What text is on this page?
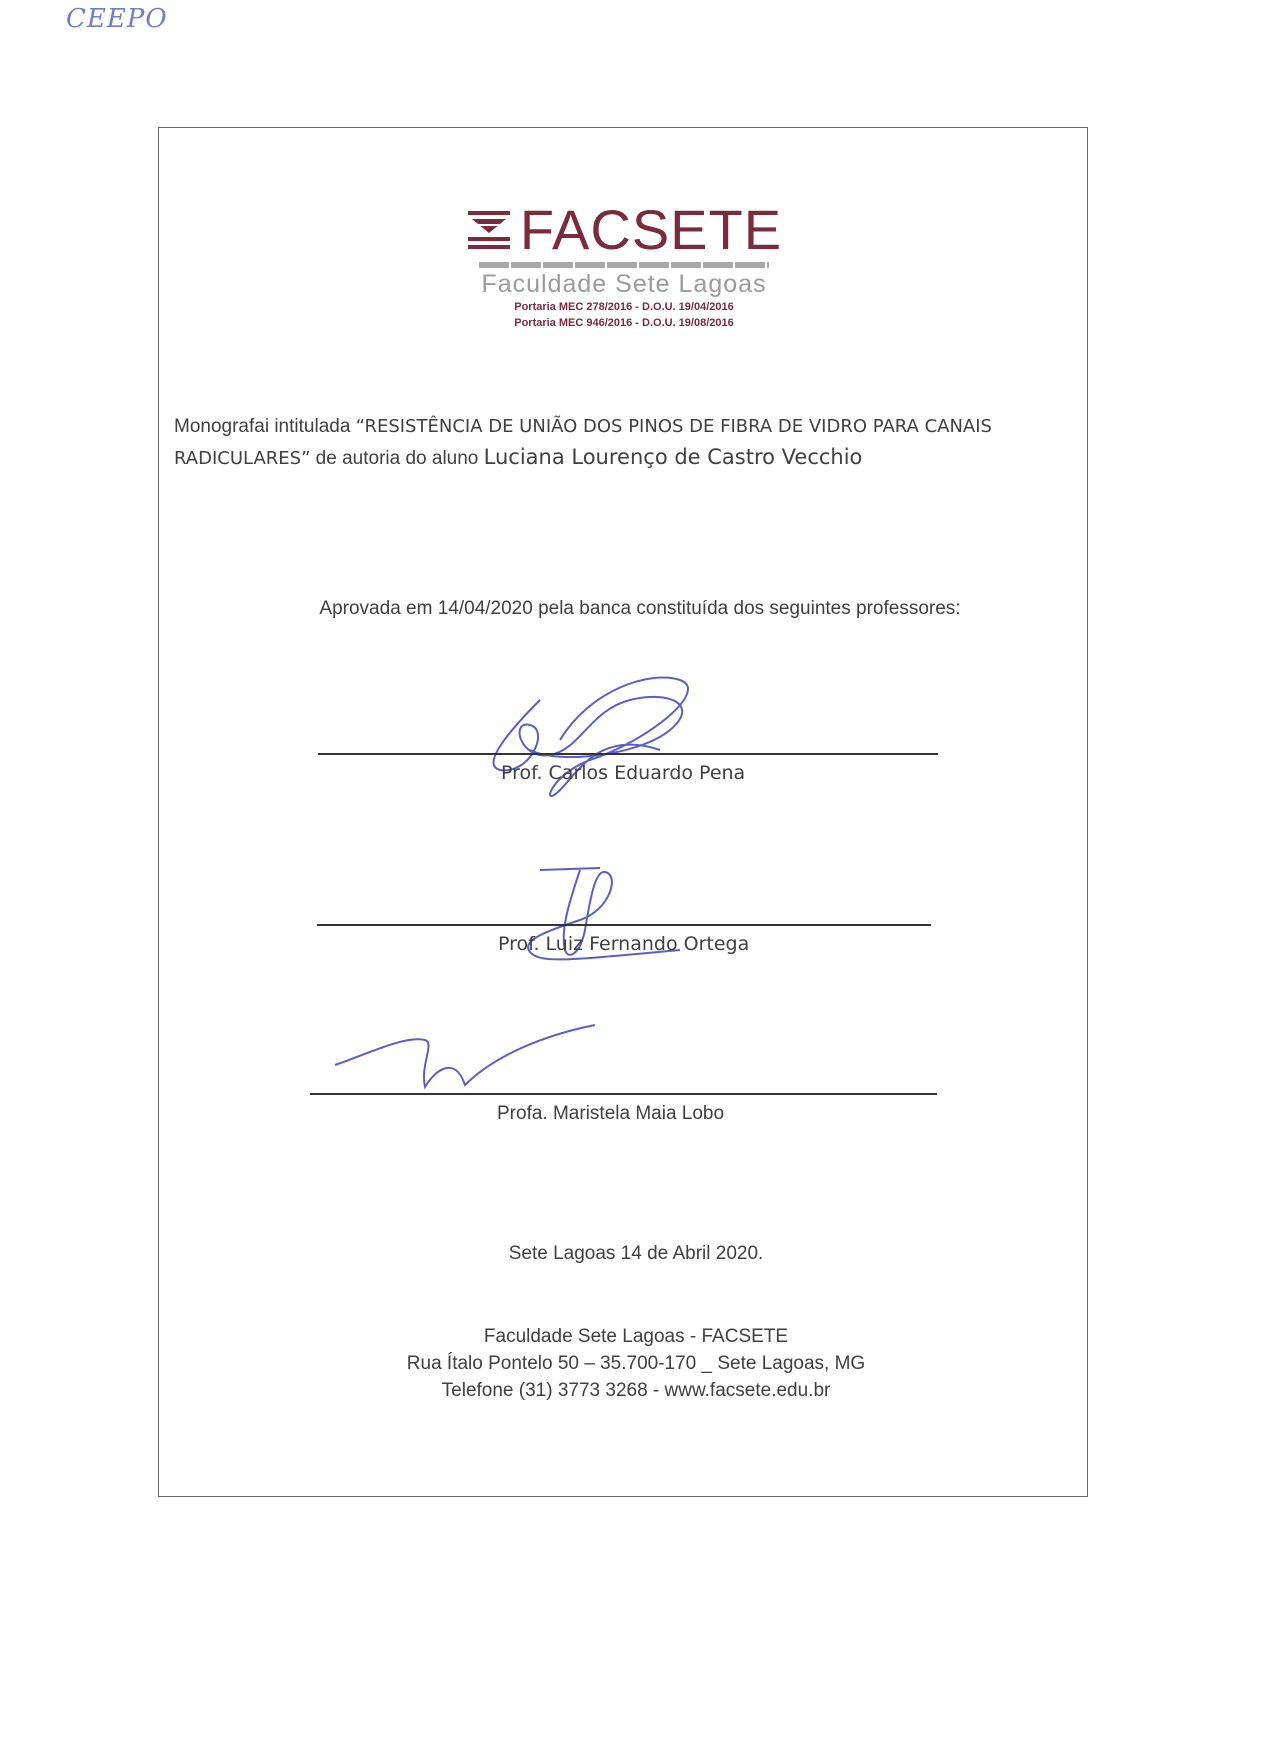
CEEPO
FACSETE
Faculdade Sete Lagoas
Portaria MEC 278/2016 - D.O.U. 19/04/2016
Portaria MEC 946/2016 - D.O.U. 19/08/2016
Monografai intitulada “RESISTÊNCIA DE UNIÃO DOS PINOS DE FIBRA DE VIDRO PARA CANAIS RADICULARES” de autoria do aluno Luciana Lourenço de Castro Vecchio
Aprovada em 14/04/2020 pela banca constituída dos seguintes professores:
Prof. Carlos Eduardo Pena
Prof. Luiz Fernando Ortega
Profa. Maristela Maia Lobo
Sete Lagoas 14 de Abril 2020.
Faculdade Sete Lagoas - FACSETE
Rua Ítalo Pontelo 50 – 35.700-170 _ Sete Lagoas, MG
Telefone (31) 3773 3268 - www.facsete.edu.br
